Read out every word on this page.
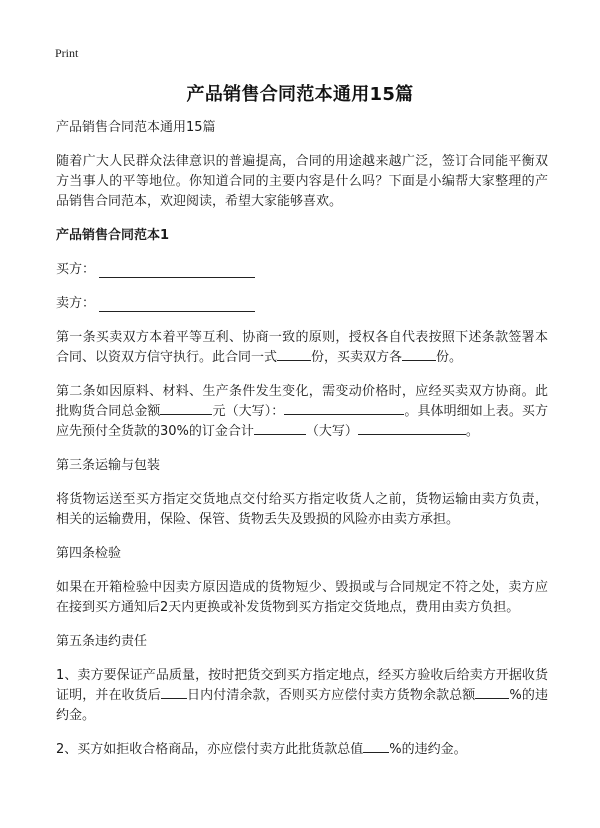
Print
产品销售合同范本通用15篇

产品销售合同范本通用15篇

随着广大人民群众法律意识的普遍提高，合同的用途越来越广泛，签订合同能平衡双方当事人的平等地位。你知道合同的主要内容是什么吗？下面是小编帮大家整理的产品销售合同范本，欢迎阅读，希望大家能够喜欢。

产品销售合同范本1

买方：
卖方：

第一条买卖双方本着平等互利、协商一致的原则，授权各自代表按照下述条款签署本合同、以资双方信守执行。此合同一式	份，买卖双方各	份。

第二条如因原料、材料、生产条件发生变化，需变动价格时，应经买卖双方协商。此批购货合同总金额	元（大写）：	。具体明细如上表。买方应先预付全货款的30%的订金合计	（大写）	。

第三条运输与包装

将货物运送至买方指定交货地点交付给买方指定收货人之前，货物运输由卖方负责，相关的运输费用，保险、保管、货物丢失及毁损的风险亦由卖方承担。

第四条检验

如果在开箱检验中因卖方原因造成的货物短少、毁损或与合同规定不符之处，卖方应在接到买方通知后2天内更换或补发货物到买方指定交货地点，费用由卖方负担。

第五条违约责任

1、卖方要保证产品质量，按时把货交到买方指定地点，经买方验收后给卖方开据收货证明，并在收货后 日内付清余款，否则买方应偿付卖方货物余款总额	%的违约金。

2、买方如拒收合格商品，亦应偿付卖方此批货款总值 %的违约金。
